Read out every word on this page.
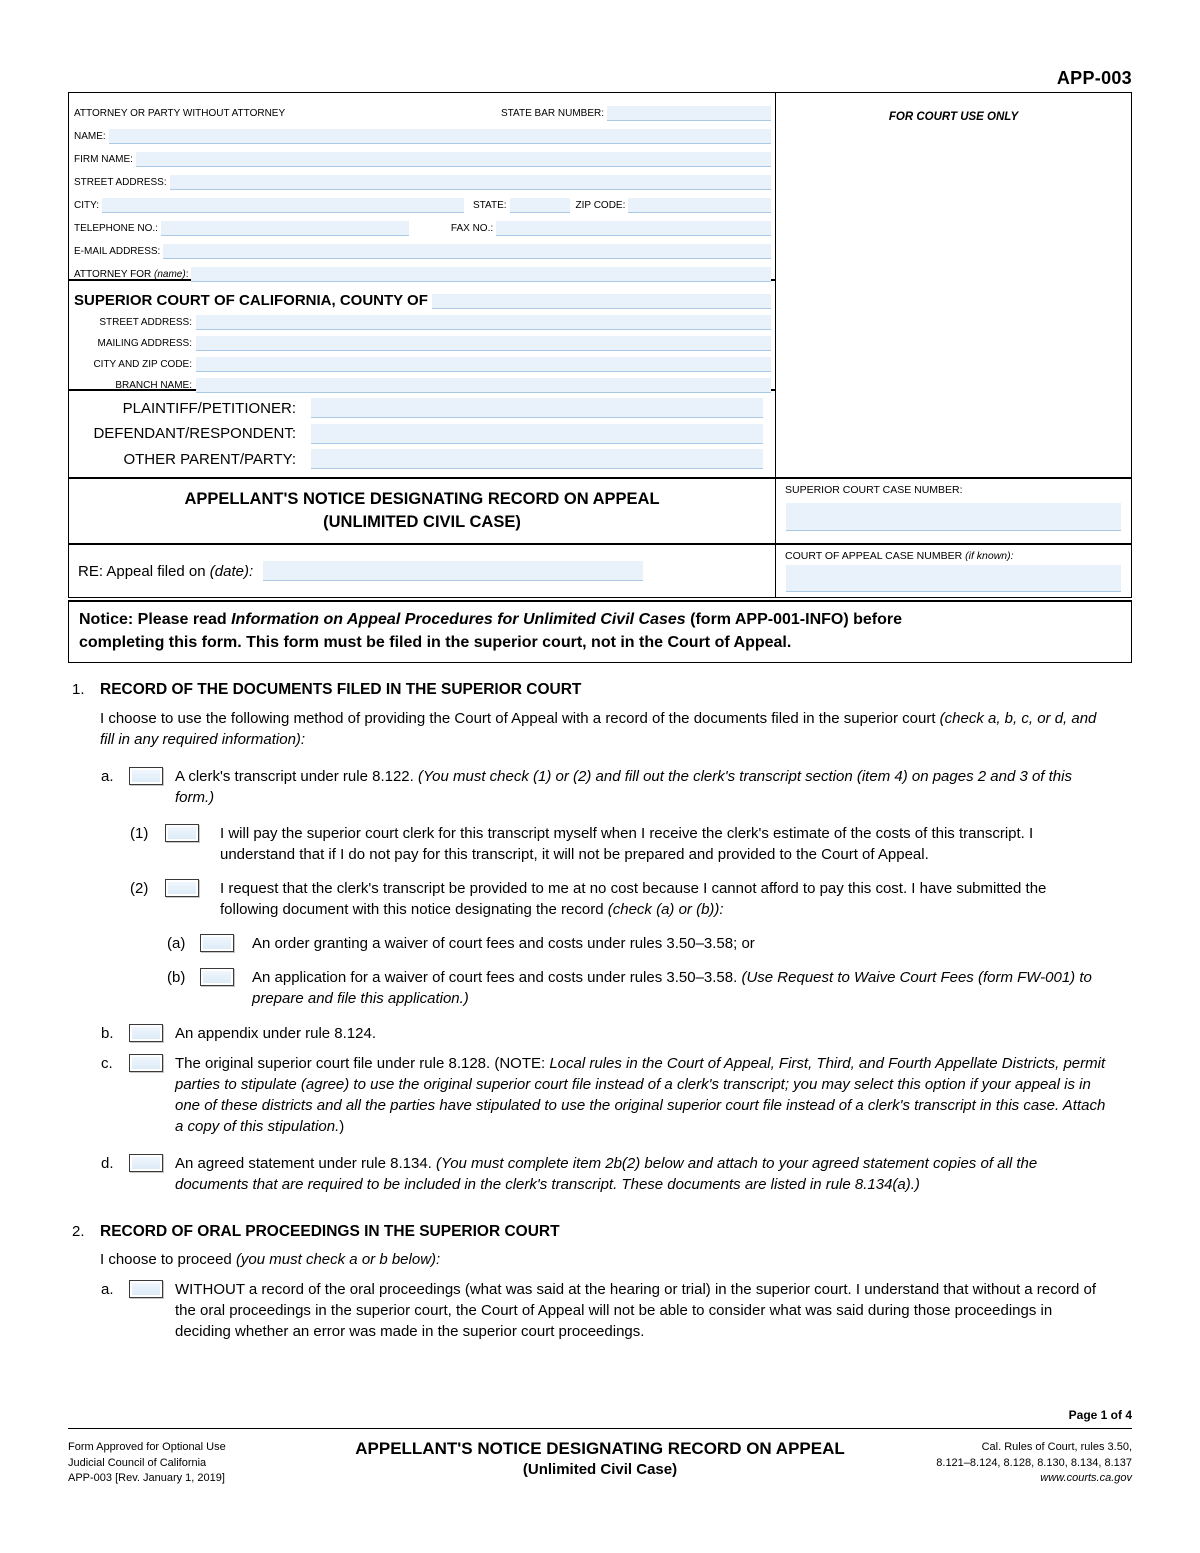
APP-003
ATTORNEY OR PARTY WITHOUT ATTORNEY	STATE BAR NUMBER:
NAME:
FIRM NAME:
STREET ADDRESS:
CITY:	STATE:	ZIP CODE:
TELEPHONE NO.:	FAX NO.:
E-MAIL ADDRESS:
ATTORNEY FOR (name):
SUPERIOR COURT OF CALIFORNIA, COUNTY OF
STREET ADDRESS:
MAILING ADDRESS:
CITY AND ZIP CODE:
BRANCH NAME:
PLAINTIFF/PETITIONER:
DEFENDANT/RESPONDENT:
OTHER PARENT/PARTY:
FOR COURT USE ONLY
APPELLANT'S NOTICE DESIGNATING RECORD ON APPEAL
(UNLIMITED CIVIL CASE)
SUPERIOR COURT CASE NUMBER:
RE: Appeal filed on (date):
COURT OF APPEAL CASE NUMBER (if known):
Notice: Please read Information on Appeal Procedures for Unlimited Civil Cases (form APP-001-INFO) before
completing this form. This form must be filed in the superior court, not in the Court of Appeal.
1. RECORD OF THE DOCUMENTS FILED IN THE SUPERIOR COURT
I choose to use the following method of providing the Court of Appeal with a record of the documents filed in the superior court (check a, b, c, or d, and fill in any required information):
a.	A clerk's transcript under rule 8.122. (You must check (1) or (2) and fill out the clerk's transcript section (item 4) on pages 2 and 3 of this form.)
(1)	I will pay the superior court clerk for this transcript myself when I receive the clerk's estimate of the costs of this transcript. I understand that if I do not pay for this transcript, it will not be prepared and provided to the Court of Appeal.
(2)	I request that the clerk's transcript be provided to me at no cost because I cannot afford to pay this cost. I have submitted the following document with this notice designating the record (check (a) or (b)):
(a)	An order granting a waiver of court fees and costs under rules 3.50–3.58; or
(b)	An application for a waiver of court fees and costs under rules 3.50–3.58. (Use Request to Waive Court Fees (form FW-001) to prepare and file this application.)
b.	An appendix under rule 8.124.
c.	The original superior court file under rule 8.128. (NOTE: Local rules in the Court of Appeal, First, Third, and Fourth Appellate Districts, permit parties to stipulate (agree) to use the original superior court file instead of a clerk's transcript; you may select this option if your appeal is in one of these districts and all the parties have stipulated to use the original superior court file instead of a clerk's transcript in this case. Attach a copy of this stipulation.)
d.	An agreed statement under rule 8.134. (You must complete item 2b(2) below and attach to your agreed statement copies of all the documents that are required to be included in the clerk's transcript. These documents are listed in rule 8.134(a).)
2. RECORD OF ORAL PROCEEDINGS IN THE SUPERIOR COURT
I choose to proceed (you must check a or b below):
a.	WITHOUT a record of the oral proceedings (what was said at the hearing or trial) in the superior court. I understand that without a record of the oral proceedings in the superior court, the Court of Appeal will not be able to consider what was said during those proceedings in deciding whether an error was made in the superior court proceedings.
Page 1 of 4
Form Approved for Optional Use
Judicial Council of California
APP-003 [Rev. January 1, 2019]
APPELLANT'S NOTICE DESIGNATING RECORD ON APPEAL
(Unlimited Civil Case)
Cal. Rules of Court, rules 3.50,
8.121–8.124, 8.128, 8.130, 8.134, 8.137
www.courts.ca.gov
